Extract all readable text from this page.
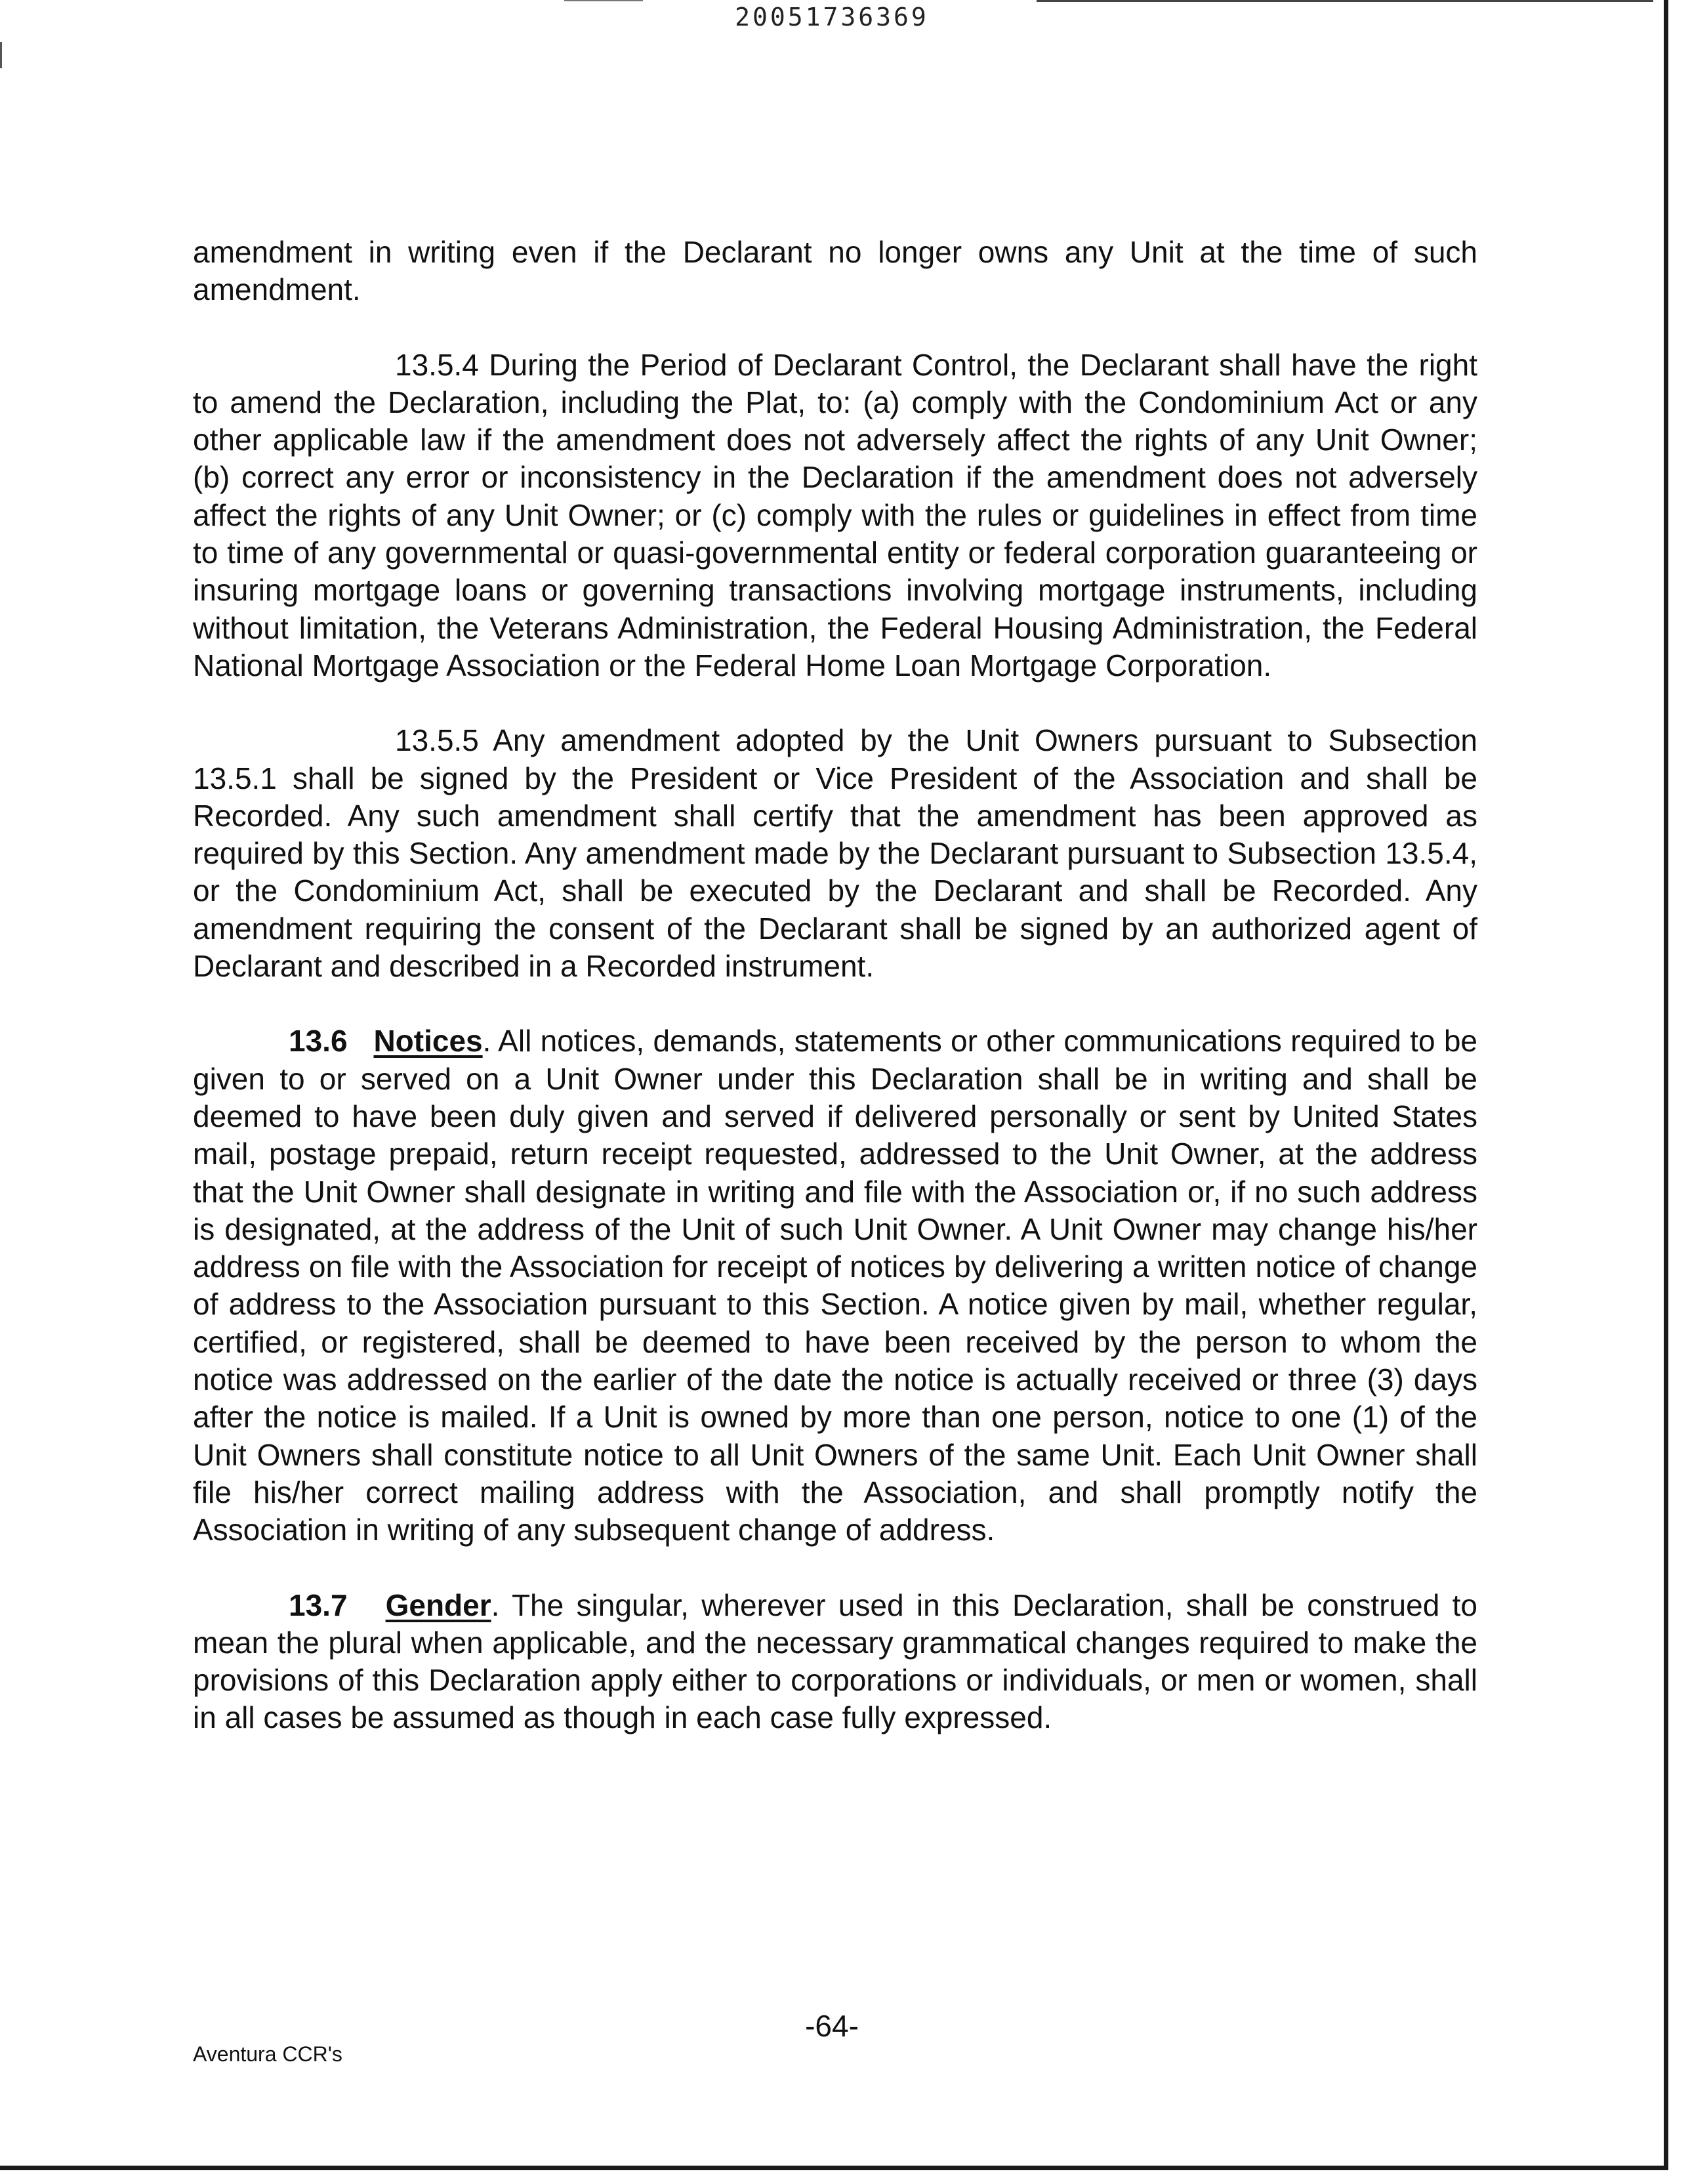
20051736369

amendment in writing even if the Declarant no longer owns any Unit at the time of such amendment.

13.5.4 During the Period of Declarant Control, the Declarant shall have the right to amend the Declaration, including the Plat, to: (a) comply with the Condominium Act or any other applicable law if the amendment does not adversely affect the rights of any Unit Owner; (b) correct any error or inconsistency in the Declaration if the amendment does not adversely affect the rights of any Unit Owner; or (c) comply with the rules or guidelines in effect from time to time of any governmental or quasi-governmental entity or federal corporation guaranteeing or insuring mortgage loans or governing transactions involving mortgage instruments, including without limitation, the Veterans Administration, the Federal Housing Administration, the Federal National Mortgage Association or the Federal Home Loan Mortgage Corporation.

13.5.5 Any amendment adopted by the Unit Owners pursuant to Subsection 13.5.1 shall be signed by the President or Vice President of the Association and shall be Recorded. Any such amendment shall certify that the amendment has been approved as required by this Section. Any amendment made by the Declarant pursuant to Subsection 13.5.4, or the Condominium Act, shall be executed by the Declarant and shall be Recorded. Any amendment requiring the consent of the Declarant shall be signed by an authorized agent of Declarant and described in a Recorded instrument.

13.6 Notices. All notices, demands, statements or other communications required to be given to or served on a Unit Owner under this Declaration shall be in writing and shall be deemed to have been duly given and served if delivered personally or sent by United States mail, postage prepaid, return receipt requested, addressed to the Unit Owner, at the address that the Unit Owner shall designate in writing and file with the Association or, if no such address is designated, at the address of the Unit of such Unit Owner. A Unit Owner may change his/her address on file with the Association for receipt of notices by delivering a written notice of change of address to the Association pursuant to this Section. A notice given by mail, whether regular, certified, or registered, shall be deemed to have been received by the person to whom the notice was addressed on the earlier of the date the notice is actually received or three (3) days after the notice is mailed. If a Unit is owned by more than one person, notice to one (1) of the Unit Owners shall constitute notice to all Unit Owners of the same Unit. Each Unit Owner shall file his/her correct mailing address with the Association, and shall promptly notify the Association in writing of any subsequent change of address.

13.7 Gender. The singular, wherever used in this Declaration, shall be construed to mean the plural when applicable, and the necessary grammatical changes required to make the provisions of this Declaration apply either to corporations or individuals, or men or women, shall in all cases be assumed as though in each case fully expressed.

-64-
Aventura CCR's
